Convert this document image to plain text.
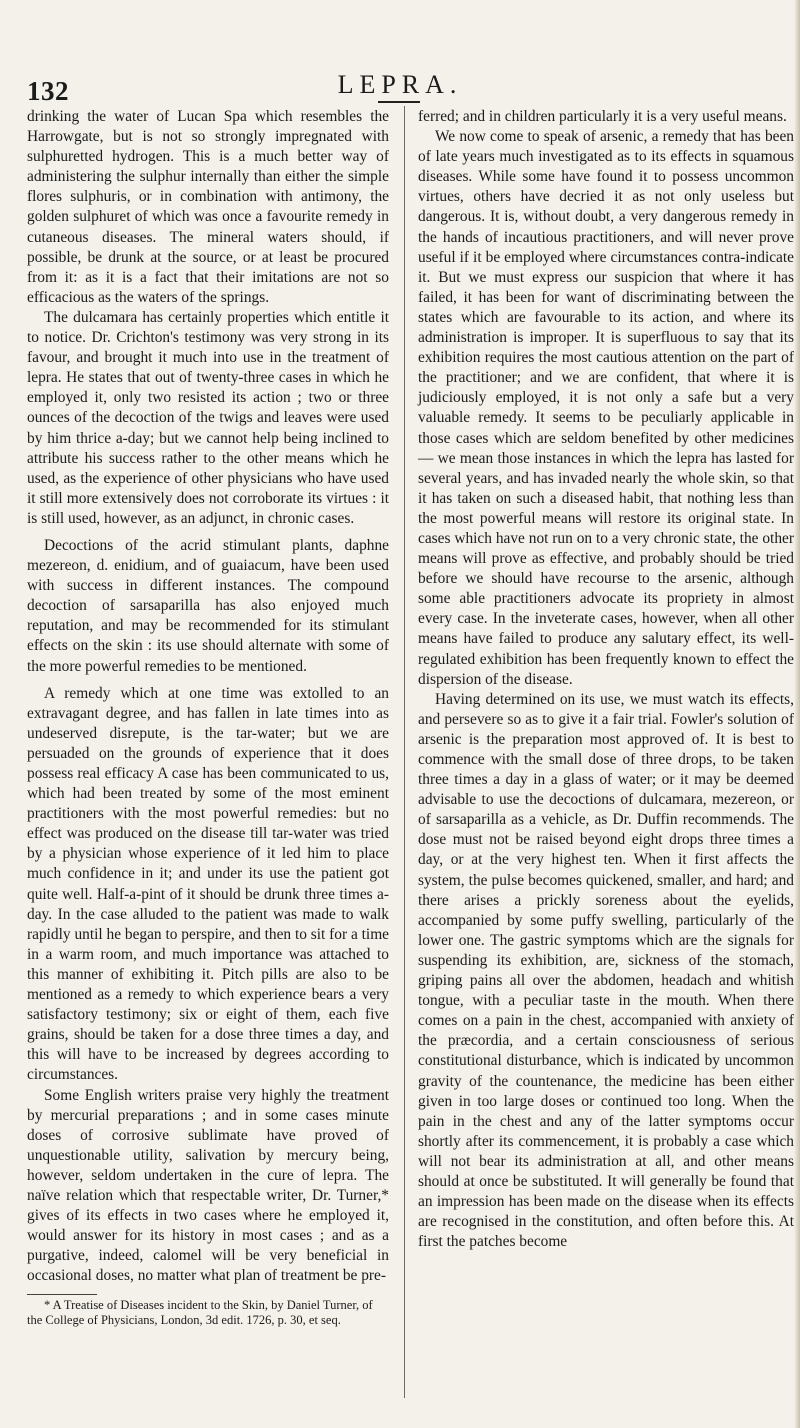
132	LEPRA.

drinking the water of Lucan Spa which resembles the Harrowgate, but is not so strongly impregnated with sulphuretted hydrogen. This is a much better way of administering the sulphur internally than either the simple flores sulphuris, or in combination with antimony, the golden sulphuret of which was once a favourite remedy in cutaneous diseases. The mineral waters should, if possible, be drunk at the source, or at least be procured from it: as it is a fact that their imitations are not so efficacious as the waters of the springs.

The dulcamara has certainly properties which entitle it to notice. Dr. Crichton's testimony was very strong in its favour, and brought it much into use in the treatment of lepra. He states that out of twenty-three cases in which he employed it, only two resisted its action ; two or three ounces of the decoction of the twigs and leaves were used by him thrice a-day; but we cannot help being inclined to attribute his success rather to the other means which he used, as the experience of other physicians who have used it still more extensively does not corroborate its virtues : it is still used, however, as an adjunct, in chronic cases.

Decoctions of the acrid stimulant plants, daphne mezereon, d. enidium, and of guaiacum, have been used with success in different instances. The compound decoction of sarsaparilla has also enjoyed much reputation, and may be recommended for its stimulant effects on the skin : its use should alternate with some of the more powerful remedies to be mentioned.

A remedy which at one time was extolled to an extravagant degree, and has fallen in late times into as undeserved disrepute, is the tar-water; but we are persuaded on the grounds of experience that it does possess real efficacy A case has been communicated to us, which had been treated by some of the most eminent practitioners with the most powerful remedies: but no effect was produced on the disease till tar-water was tried by a physician whose experience of it led him to place much confidence in it; and under its use the patient got quite well. Half-a-pint of it should be drunk three times a-day. In the case alluded to the patient was made to walk rapidly until he began to perspire, and then to sit for a time in a warm room, and much importance was attached to this manner of exhibiting it. Pitch pills are also to be mentioned as a remedy to which experience bears a very satisfactory testimony; six or eight of them, each five grains, should be taken for a dose three times a day, and this will have to be increased by degrees according to circumstances.

Some English writers praise very highly the treatment by mercurial preparations ; and in some cases minute doses of corrosive sublimate have proved of unquestionable utility, salivation by mercury being, however, seldom undertaken in the cure of lepra. The naïve relation which that respectable writer, Dr. Turner,* gives of its effects in two cases where he employed it, would answer for its history in most cases ; and as a purgative, indeed, calomel will be very beneficial in occasional doses, no matter what plan of treatment be pre-

* A Treatise of Diseases incident to the Skin, by Daniel Turner, of the College of Physicians, London, 3d edit. 1726, p. 30, et seq.

ferred; and in children particularly it is a very useful means.

We now come to speak of arsenic, a remedy that has been of late years much investigated as to its effects in squamous diseases. While some have found it to possess uncommon virtues, others have decried it as not only useless but dangerous. It is, without doubt, a very dangerous remedy in the hands of incautious practitioners, and will never prove useful if it be employed where circumstances contra-indicate it. But we must express our suspicion that where it has failed, it has been for want of discriminating between the states which are favourable to its action, and where its administration is improper. It is superfluous to say that its exhibition requires the most cautious attention on the part of the practitioner; and we are confident, that where it is judiciously employed, it is not only a safe but a very valuable remedy. It seems to be peculiarly applicable in those cases which are seldom benefited by other medicines — we mean those instances in which the lepra has lasted for several years, and has invaded nearly the whole skin, so that it has taken on such a diseased habit, that nothing less than the most powerful means will restore its original state. In cases which have not run on to a very chronic state, the other means will prove as effective, and probably should be tried before we should have recourse to the arsenic, although some able practitioners advocate its propriety in almost every case. In the inveterate cases, however, when all other means have failed to produce any salutary effect, its well-regulated exhibition has been frequently known to effect the dispersion of the disease.

Having determined on its use, we must watch its effects, and persevere so as to give it a fair trial. Fowler's solution of arsenic is the preparation most approved of. It is best to commence with the small dose of three drops, to be taken three times a day in a glass of water; or it may be deemed advisable to use the decoctions of dulcamara, mezereon, or of sarsaparilla as a vehicle, as Dr. Duffin recommends. The dose must not be raised beyond eight drops three times a day, or at the very highest ten. When it first affects the system, the pulse becomes quickened, smaller, and hard; and there arises a prickly soreness about the eyelids, accompanied by some puffy swelling, particularly of the lower one. The gastric symptoms which are the signals for suspending its exhibition, are, sickness of the stomach, griping pains all over the abdomen, headach and whitish tongue, with a peculiar taste in the mouth. When there comes on a pain in the chest, accompanied with anxiety of the præcordia, and a certain consciousness of serious constitutional disturbance, which is indicated by uncommon gravity of the countenance, the medicine has been either given in too large doses or continued too long. When the pain in the chest and any of the latter symptoms occur shortly after its commencement, it is probably a case which will not bear its administration at all, and other means should at once be substituted. It will generally be found that an impression has been made on the disease when its effects are recognised in the constitution, and often before this. At first the patches become
